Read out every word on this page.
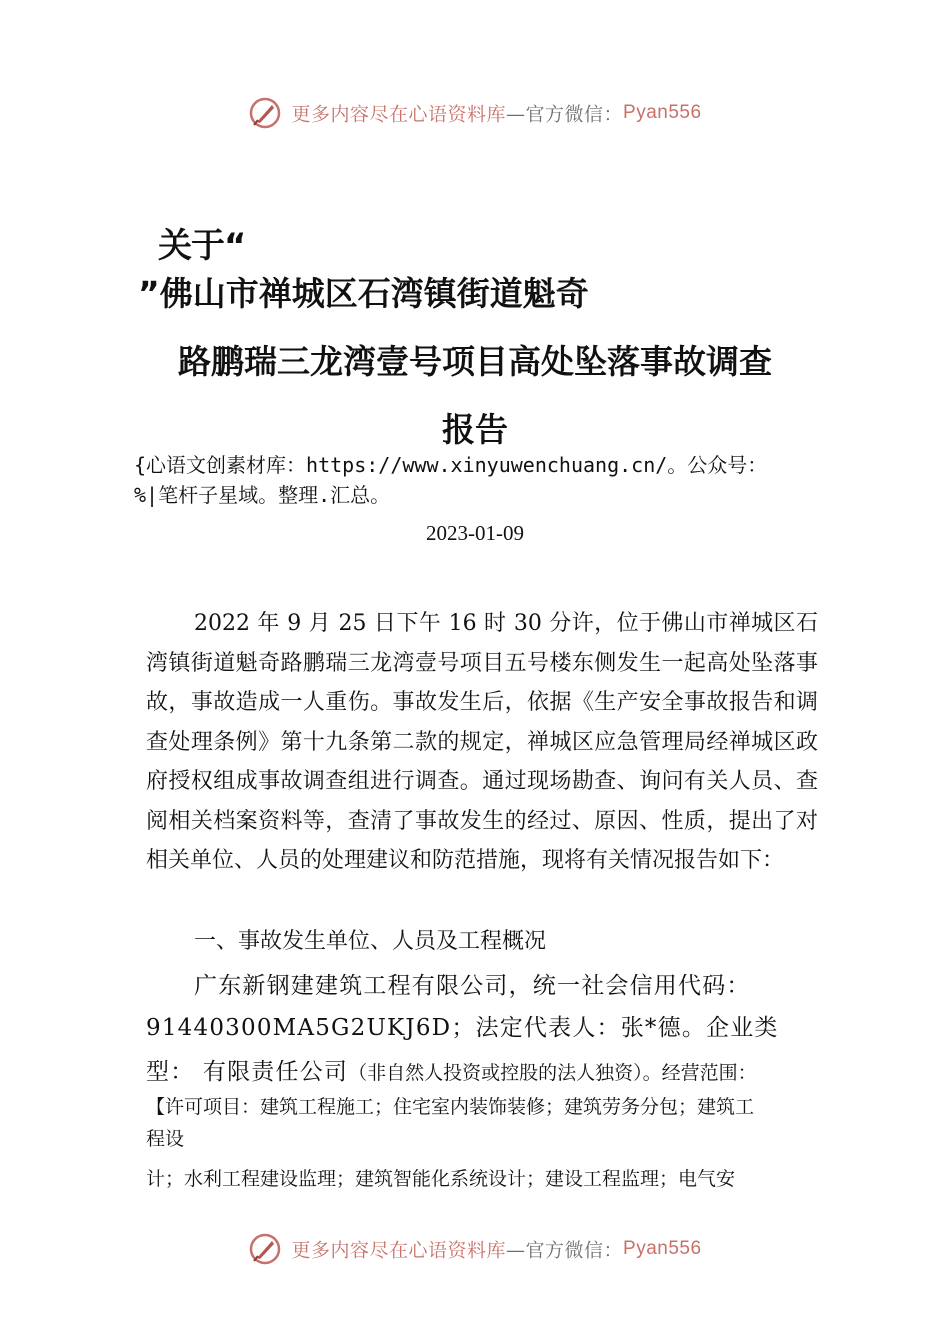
更多内容尽在心语资料库—官方微信：Pyan556
关于“
”佛山市禅城区石湾镇街道魁奇
路鹏瑞三龙湾壹号项目高处坠落事故调查
报告
{心语文创素材库：https://www.xinyuwenchuang.cn/。公众号：
%|笔杆子星域。整理.汇总。
2023-01-09
2022 年 9 月 25 日下午 16 时 30 分许，位于佛山市禅城区石湾镇街道魁奇路鹏瑞三龙湾壹号项目五号楼东侧发生一起高处坠落事故，事故造成一人重伤。事故发生后，依据《生产安全事故报告和调查处理条例》第十九条第二款的规定，禅城区应急管理局经禅城区政府授权组成事故调查组进行调查。通过现场勘查、询问有关人员、查阅相关档案资料等，查清了事故发生的经过、原因、性质，提出了对相关单位、人员的处理建议和防范措施，现将有关情况报告如下：
一、事故发生单位、人员及工程概况
广东新钢建建筑工程有限公司，统一社会信用代码：
91440300MA5G2UKJ6D；法定代表人：张*德。企业类
型： 有限责任公司（非自然人投资或控股的法人独资）。经营范围：
【许可项目：建筑工程施工；住宅室内装饰装修；建筑劳务分包；建筑工
程设
计；水利工程建设监理；建筑智能化系统设计；建设工程监理；电气安
更多内容尽在心语资料库—官方微信：Pyan556
